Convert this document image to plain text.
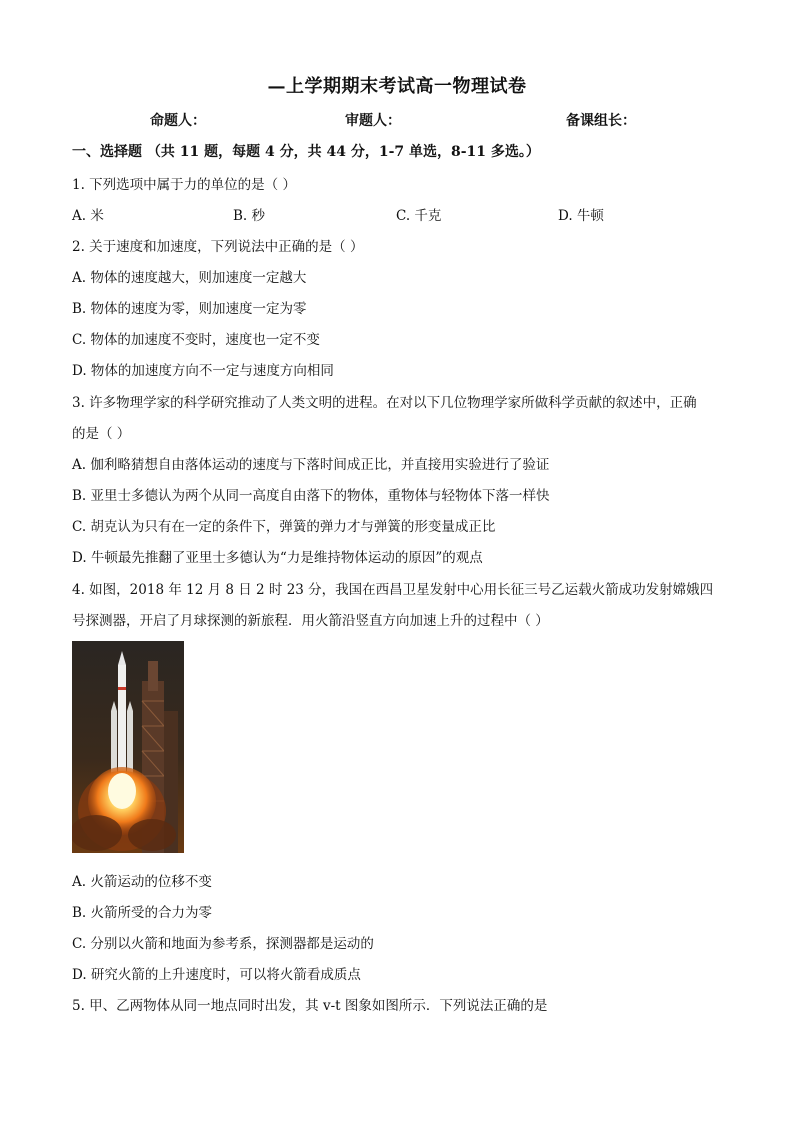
—上学期期末考试高一物理试卷
命题人：	审题人：	备课组长：
一、选择题 （共 11 题，每题 4 分，共 44 分，1-7 单选，8-11 多选。）
1. 下列选项中属于力的单位的是（ ）
A. 米	B. 秒	C. 千克	D. 牛顿
2. 关于速度和加速度，下列说法中正确的是（ ）
A. 物体的速度越大，则加速度一定越大
B. 物体的速度为零，则加速度一定为零
C. 物体的加速度不变时，速度也一定不变
D. 物体的加速度方向不一定与速度方向相同
3. 许多物理学家的科学研究推动了人类文明的进程。在对以下几位物理学家所做科学贡献的叙述中，正确
的是（ ）
A. 伽利略猜想自由落体运动的速度与下落时间成正比，并直接用实验进行了验证
B. 亚里士多德认为两个从同一高度自由落下的物体，重物体与轻物体下落一样快
C. 胡克认为只有在一定的条件下，弹簧的弹力才与弹簧的形变量成正比
D. 牛顿最先推翻了亚里士多德认为“力是维持物体运动的原因”的观点
4. 如图，2018 年 12 月 8 日 2 时 23 分，我国在西昌卫星发射中心用长征三号乙运载火箭成功发射嫦娥四
号探测器，开启了月球探测的新旅程．用火箭沿竖直方向加速上升的过程中（ ）
A. 火箭运动的位移不变
B. 火箭所受的合力为零
C. 分别以火箭和地面为参考系，探测器都是运动的
D. 研究火箭的上升速度时，可以将火箭看成质点
5. 甲、乙两物体从同一地点同时出发，其 v-t 图象如图所示．下列说法正确的是
